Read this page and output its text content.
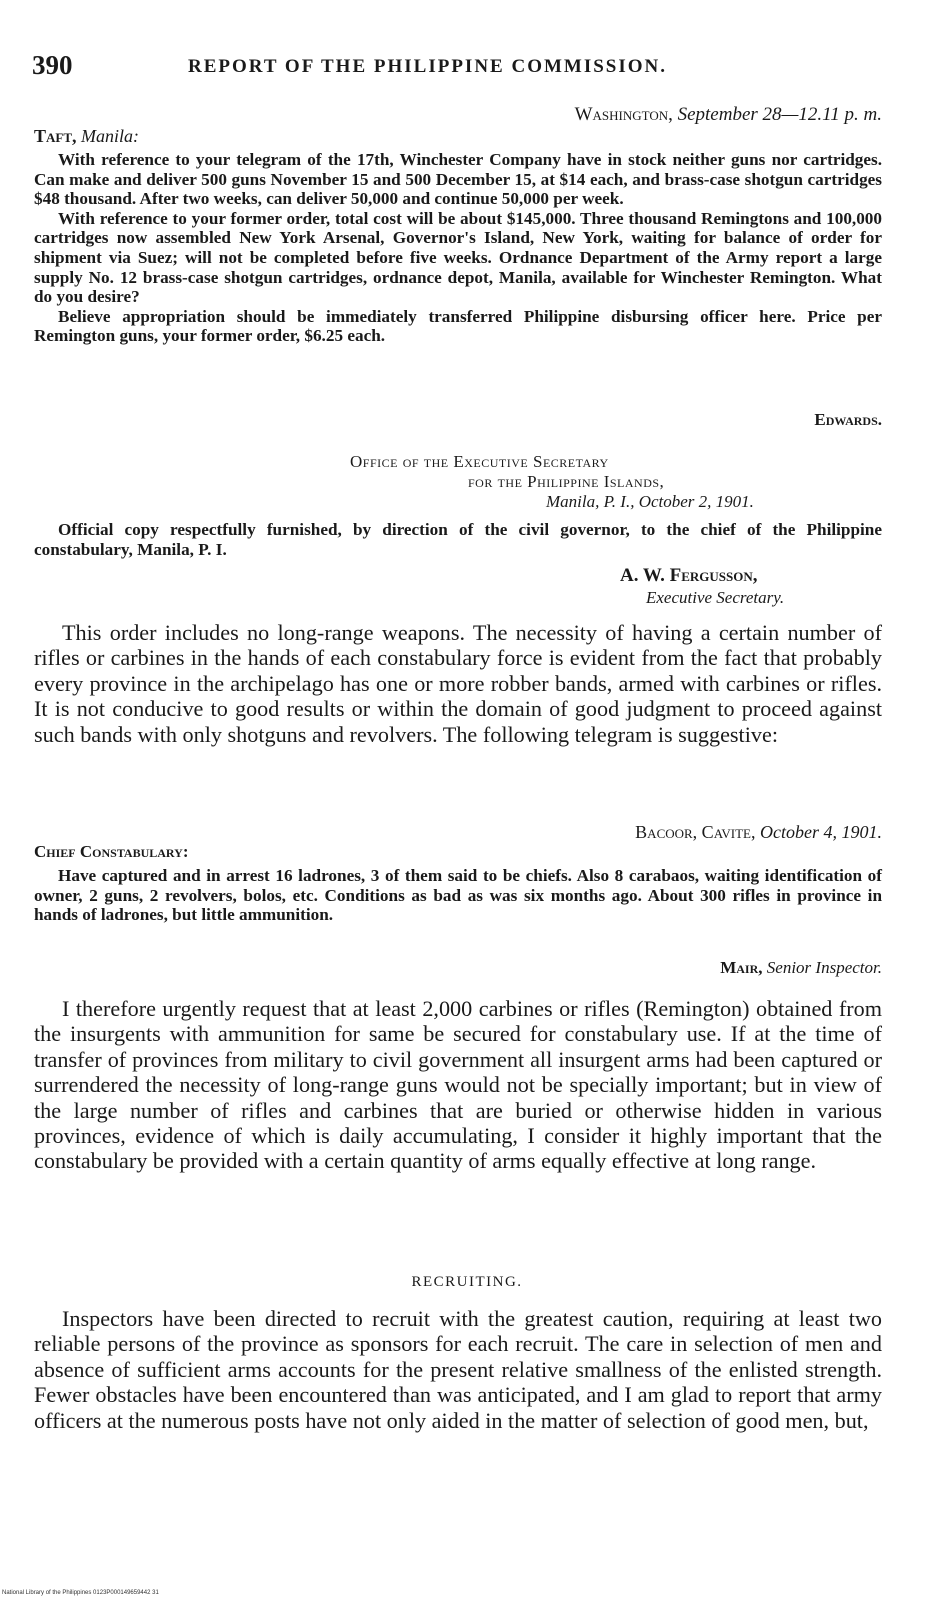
390	REPORT OF THE PHILIPPINE COMMISSION.
Washington, September 28—12.11 p. m.
Taft, Manila:

With reference to your telegram of the 17th, Winchester Company have in stock neither guns nor cartridges. Can make and deliver 500 guns November 15 and 500 December 15, at $14 each, and brass-case shotgun cartridges $48 thousand. After two weeks, can deliver 50,000 and continue 50,000 per week.

With reference to your former order, total cost will be about $145,000. Three thousand Remingtons and 100,000 cartridges now assembled New York Arsenal, Governor's Island, New York, waiting for balance of order for shipment via Suez; will not be completed before five weeks. Ordnance Department of the Army report a large supply No. 12 brass-case shotgun cartridges, ordnance depot, Manila, available for Winchester Remington. What do you desire?

Believe appropriation should be immediately transferred Philippine disbursing officer here. Price per Remington guns, your former order, $6.25 each.

Edwards.
Office of the Executive Secretary
for the Philippine Islands,
Manila, P. I., October 2, 1901.

Official copy respectfully furnished, by direction of the civil governor, to the chief of the Philippine constabulary, Manila, P. I.

A. W. Fergusson,
Executive Secretary.

This order includes no long-range weapons. The necessity of having a certain number of rifles or carbines in the hands of each constabulary force is evident from the fact that probably every province in the archipelago has one or more robber bands, armed with carbines or rifles. It is not conducive to good results or within the domain of good judgment to proceed against such bands with only shotguns and revolvers. The following telegram is suggestive:

Bacoor, Cavite, October 4, 1901.
Chief Constabulary:

Have captured and in arrest 16 ladrones, 3 of them said to be chiefs. Also 8 carabaos, waiting identification of owner, 2 guns, 2 revolvers, bolos, etc. Conditions as bad as was six months ago. About 300 rifles in province in hands of ladrones, but little ammunition.

Mair, Senior Inspector.

I therefore urgently request that at least 2,000 carbines or rifles (Remington) obtained from the insurgents with ammunition for same be secured for constabulary use. If at the time of transfer of provinces from military to civil government all insurgent arms had been captured or surrendered the necessity of long-range guns would not be specially important; but in view of the large number of rifles and carbines that are buried or otherwise hidden in various provinces, evidence of which is daily accumulating, I consider it highly important that the constabulary be provided with a certain quantity of arms equally effective at long range.

RECRUITING.

Inspectors have been directed to recruit with the greatest caution, requiring at least two reliable persons of the province as sponsors for each recruit. The care in selection of men and absence of sufficient arms accounts for the present relative smallness of the enlisted strength. Fewer obstacles have been encountered than was anticipated, and I am glad to report that army officers at the numerous posts have not only aided in the matter of selection of good men, but,

National Library of the Philippines 0123P000149659442 31
